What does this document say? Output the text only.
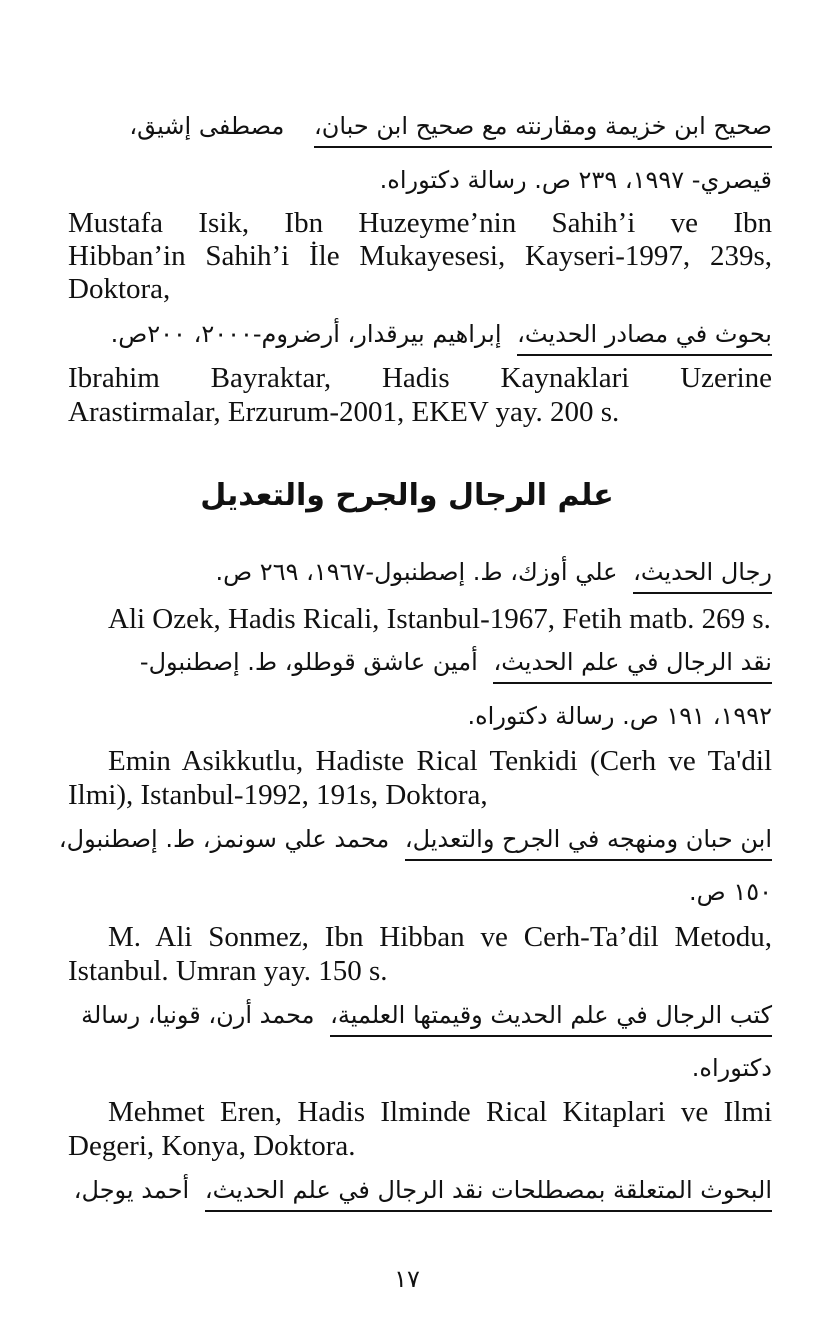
صحيح ابن خزيمة ومقارنته مع صحيح ابن حبان، مصطفى إشيق،
قيصري- ١٩٩٧، ٢٣٩ ص. رسالة دكتوراه.
Mustafa Isik, Ibn Huzeyme’nin Sahih’i ve Ibn
Hibban’in Sahih’i İle Mukayesesi, Kayseri-1997, 239s,
Doktora,
بحوث في مصادر الحديث، إبراهيم بيرقدار، أرضروم-٢٠٠٠، ٢٠٠ص.
Ibrahim Bayraktar, Hadis Kaynaklari Uzerine
Arastirmalar, Erzurum-2001, EKEV yay. 200 s.
علم الرجال والجرح والتعديل
رجال الحديث، علي أوزك، ط. إصطنبول-١٩٦٧، ٢٦٩ ص.
Ali Ozek, Hadis Ricali, Istanbul-1967, Fetih matb. 269 s.
نقد الرجال في علم الحديث، أمين عاشق قوطلو، ط. إصطنبول-
١٩٩٢، ١٩١ ص. رسالة دكتوراه.
Emin Asikkutlu, Hadiste Rical Tenkidi (Cerh ve Ta'dil
Ilmi), Istanbul-1992, 191s, Doktora,
ابن حبان ومنهجه في الجرح والتعديل، محمد علي سونمز، ط. إصطنبول،
١٥٠ ص.
M. Ali Sonmez, Ibn Hibban ve Cerh-Ta’dil Metodu,
Istanbul. Umran yay. 150 s.
كتب الرجال في علم الحديث وقيمتها العلمية، محمد أرن، قونيا، رسالة
دكتوراه.
Mehmet Eren, Hadis Ilminde Rical Kitaplari ve Ilmi
Degeri, Konya, Doktora.
البحوث المتعلقة بمصطلحات نقد الرجال في علم الحديث، أحمد يوجل،
١٧
